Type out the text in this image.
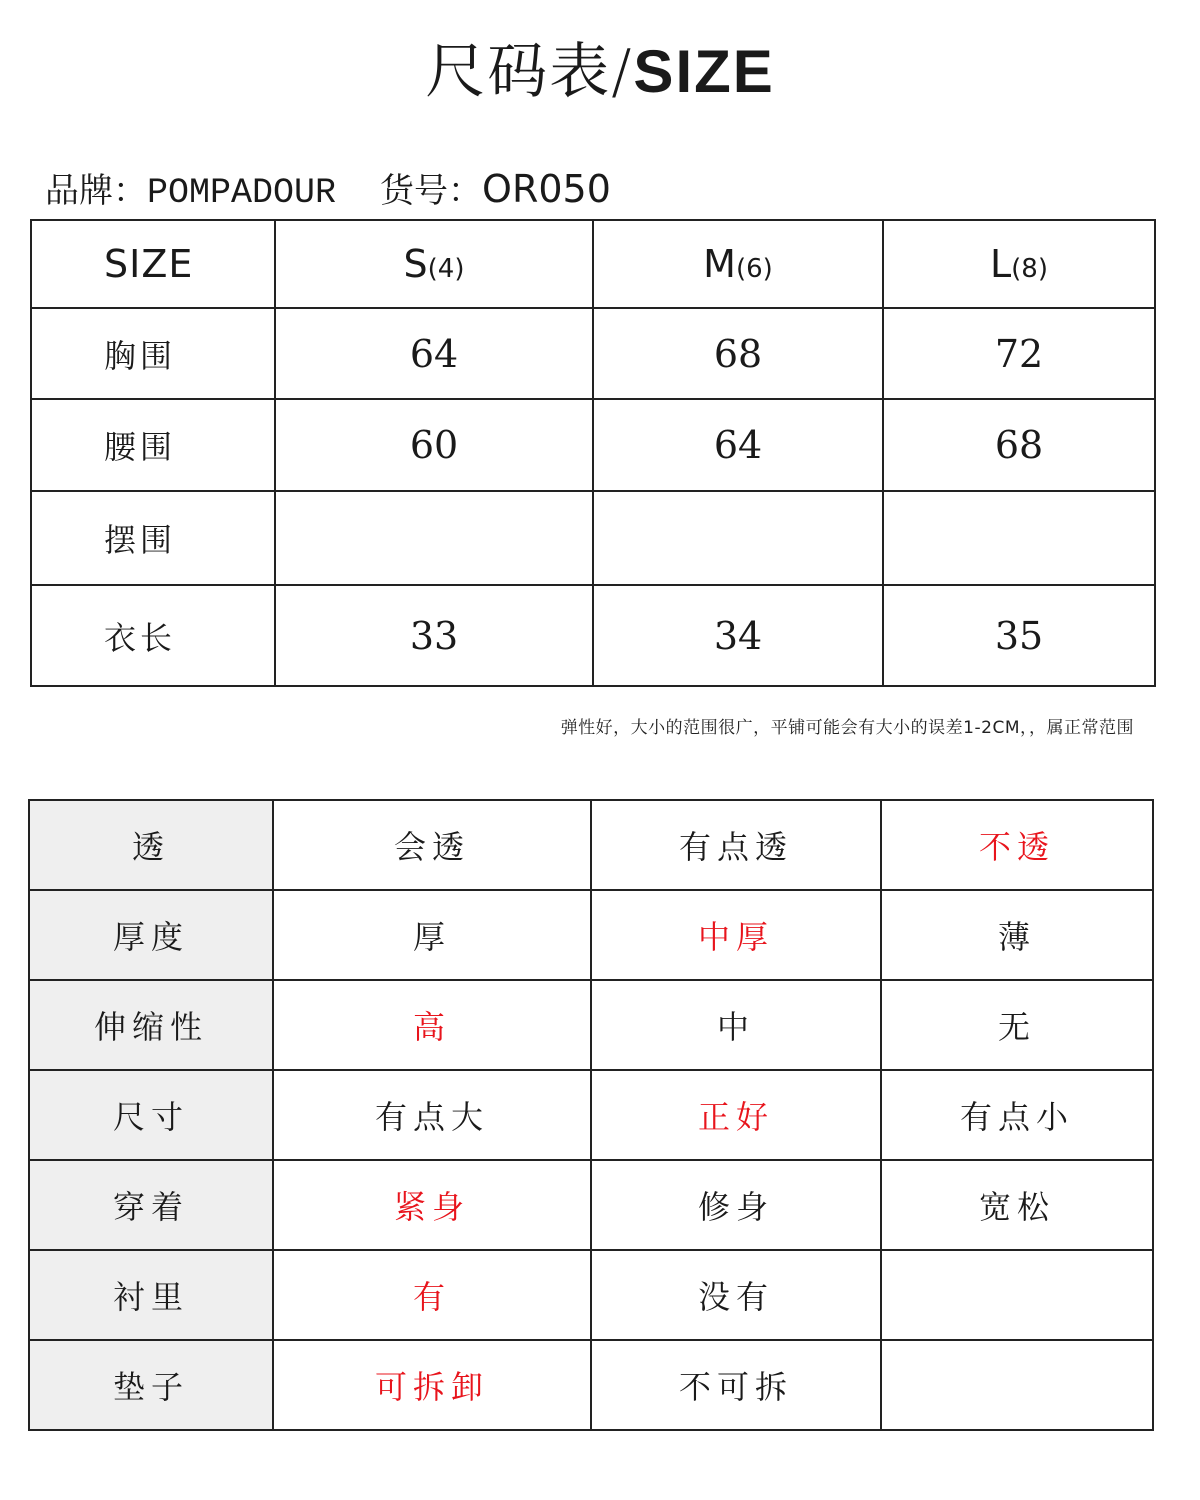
尺码表/SIZE
品牌： POMPADOUR 货号： OR050
SIZE	S(4)	M(6)	L(8)
胸围	64	68	72
腰围	60	64	68
摆围			
衣长	33	34	35
弹性好，大小的范围很广，平铺可能会有大小的误差1-2CM，，属正常范围
透	会透	有点透	不透
厚度	厚	中厚	薄
伸缩性	高	中	无
尺寸	有点大	正好	有点小
穿着	紧身	修身	宽松
衬里	有	没有	
垫子	可拆卸	不可拆	
